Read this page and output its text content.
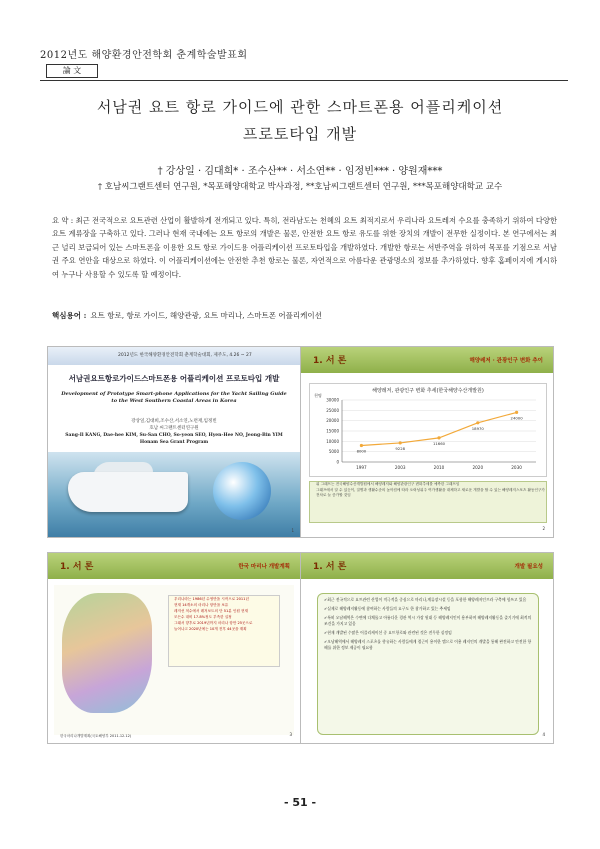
2012년도 해양환경안전학회 춘계학술발표회
論 文
서남권 요트 항로 가이드에 관한 스마트폰용 어플리케이션
프로토타입 개발
† 강상일 · 김대희* · 조수산** · 서소연** · 임정빈*** · 양원재***
† 호남씨그랜트센터 연구원, *목포해양대학교 박사과정, **호남씨그랜트센터 연구원, ***목포해양대학교 교수
요 약 : 최근 전국적으로 요트관련 산업이 활발하게 전개되고 있다. 특히, 전라남도는 천혜의 요트 최적지로서 우리나라 요트레저 수요를 충족하기 위하여 다양한 요트 계류장을 구축하고 있다. 그러나 현재 국내에는 요트 항로의 개발은 물론, 안전한 요트 항로 유도를 위한 장치의 개발이 전무한 실정이다. 본 연구에서는 최근 널리 보급되어 있는 스마트폰을 이용한 요트 항로 가이드용 어플리케이션 프로토타입을 개발하였다. 개발한 항로는 서반주역을 위하여 목포를 기점으로 서남권 주요 연안을 대상으로 하였다. 이 어플리케이션에는 안전한 추천 항로는 물론, 자연적으로 아름다운 관광명소의 정보를 추가하였다. 향후 홈페이지에 게시하여 누구나 사용할 수 있도록 할 예정이다.
핵심용어 : 요트 항로, 항로 가이드, 해양관광, 요트 마리나, 스마트폰 어플리케이션
2012년도 한국해양환경안전학회 춘계학술대회, 제주도, 4.26 ~ 27
서남권요트항로가이드스마트폰용 어플리케이션 프로토타입 개발
Development of Prototype Smart-phone Applications for the Yacht Sailing Guide to the West Southern Coastal Areas in Korea
강상일,김대희,조수산,서소연,노련재,임정빈
호남 씨그랜트센터연구원
Sang-Il KANG, Dae-hee KIM, Su-San CHO, So-yeon SEO, Hyen-Hee NO, Jeong-Bin YIM
Honam Sea Grant Program
1
1. 서 론	해양레저 · 관광인구 변화 추이
해양레저, 관광인구 변화 추세(한국해양수산개발원)
천명
0
5000
10000
15000
20000
25000
30000
1997	2003	2010	2020	2030
8000
9228
11660
18970
24000
위 그래프는 전국해양수산개발원에서 해양레저와 해양관광인구 변화추세를 예측한 그래프임
그래프에서 알 수 있듯이, 질병과 생활수준의 높아짐에 따라 오락성위주 여가생활을 대체하고 새로운 개발을 할 수 있는 해양레저스포츠 활동인구가 전차로 늘 증가할 것임
2
1. 서 론	한국 마리나 개발계획
우리나라는 1986년 수영만을 시작으로 2011년
현재 14개소의 마리나 항만을 보유
레저선 척수에서 레저보트의 단 51분 인원 현재
모든수 대비 17.8%정도 부족한 실정
그래서 향후로 2019년까지 마리나 항만 25곳으로
늘어나고 2020년에는 10개 전후 44곳을 계획
한국마리나개발계획(국토해양부 2011.12.12)	3
1. 서 론	개발 필요성
✔ 최근 전국적으로 요트관련 산업이 적극적을 중심으로 마리나,계류장시설 등을 포함한 해양레저인프라 구축에 힘쓰고 있음
✔ 실제로 해양레저활동에 참여하는 사람들의 요구도 한 참가하고 있는 추세임
✔ 특히 오남해역은 수변에 다채롭고 아름다운 경관 역시 가장 원대 등 해양레저인이 용부하며 해양레저활동을 즐기기에 최적의 조건을 가지고 있음
✔ 현재 개발된 수많은 어플리케이션 중 요트항로와 관련된 것은 전무한 실정임
✔ 오남해역에서 해양레저 스포츠를 향유하는 사람들에게 접근이 용이한 앱으로 이용 레저인의 개발을 통해 완전하고 안전한 항해를 위한 정보 제공이 필요함
4
- 51 -
